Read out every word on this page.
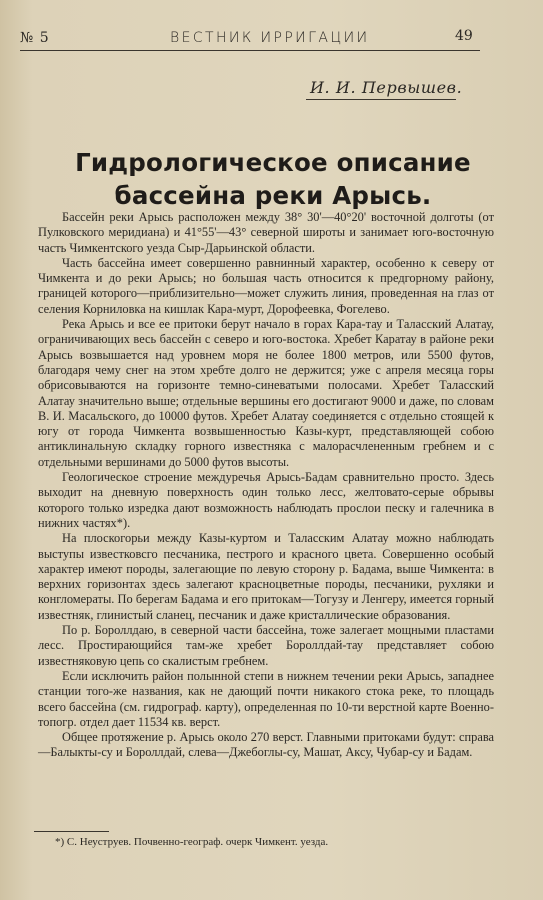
№ 5	ВЕСТНИК ИРРИГАЦИИ	49
И. И. Первышев.
Гидрологическое описание бассейна реки Арысь.

Бассейн реки Арысь расположен между 38° 30'—40°20' восточной долготы (от Пулковского меридиана) и 41°55'—43° северной широты и занимает юго-восточную часть Чимкентского уезда Сыр-Дарьинской области.

Часть бассейна имеет совершенно равнинный характер, особенно к северу от Чимкента и до реки Арысь; но большая часть относится к предгорному району, границей которого—приблизительно—может служить линия, проведенная на глаз от селения Корниловка на кишлак Кара-мурт, Дорофеевка, Фогелево.

Река Арысь и все ее притоки берут начало в горах Кара-тау и Таласский Алатау, ограничивающих весь бассейн с северо и юго-востока. Хребет Каратау в районе реки Арысь возвышается над уровнем моря не более 1800 метров, или 5500 футов, благодаря чему снег на этом хребте долго не держится; уже с апреля месяца горы обрисовываются на горизонте темно-синеватыми полосами. Хребет Таласский Алатау значительно выше; отдельные вершины его достигают 9000 и даже, по словам В. И. Масальского, до 10000 футов. Хребет Алатау соединяется с отдельно стоящей к югу от города Чимкента возвышенностью Казы-курт, представляющей собою антиклинальную складку горного известняка с малорасчлененным гребнем и с отдельными вершинами до 5000 футов высоты.

Геологическое строение междуречья Арысь-Бадам сравнительно просто. Здесь выходит на дневную поверхность один только лесс, желтовато-серые обрывы которого только изредка дают возможность наблюдать прослои песку и галечника в нижних частях*).

На плоскогорьи между Казы-куртом и Таласским Алатау можно наблюдать выступы известковсго песчаника, пестрого и красного цвета. Совершенно особый характер имеют породы, залегающие по левую сторону р. Бадама, выше Чимкента: в верхних горизонтах здесь залегают красноцветные породы, песчаники, рухляки и конгломераты. По берегам Бадама и его притокам—Тогузу и Ленгеру, имеется горный известняк, глинистый сланец, песчаник и даже кристаллические образования.

По р. Бороллдаю, в северной части бассейна, тоже залегает мощными пластами лесс. Простирающийся там-же хребет Бороллдай-тау представляет собою известняковую цепь со скалистым гребнем.

Если исключить район полынной степи в нижнем течении реки Арысь, западнее станции того-же названия, как не дающий почти никакого стока реке, то площадь всего бассейна (см. гидрограф. карту), определенная по 10-ти верстной карте Военно-топогр. отдел дает 11534 кв. верст.

Общее протяжение р. Арысь около 270 верст. Главными притоками будут: справа—Балыкты-су и Бороллдай, слева—Джебоглы-су, Машат, Аксу, Чубар-су и Бадам.

*) С. Неуструев. Почвенно-географ. очерк Чимкент. уезда.
